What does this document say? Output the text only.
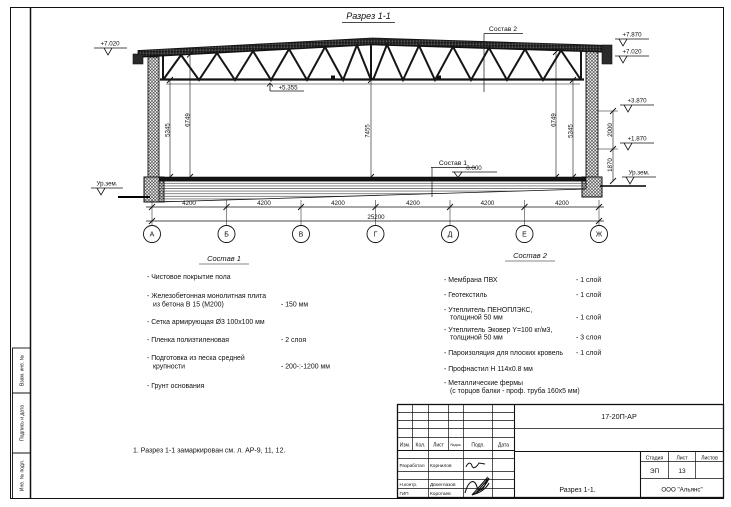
Взам. инв. №
Подпись и дата
Инв. № подл.
Разрез 1-1
Состав 2
Состав 1
+7.020
Ур.зем.
+5.355
0.000
+7.870
+7.020
+3.870
+1.870
Ур.зем.
5345
6749
7455
6749
5345	2000
1870
4200	4200	4200	4200	4200	4200
25200
А	Б	В	Г	Д	Е	Ж
Состав 1
- Чистовое покрытие пола
- Железобетонная монолитная плита
из бетона В 15 (М200)	- 150 мм
- Сетка армирующая Ø3 100х100 мм
- Пленка полиэтиленовая	- 2 слоя
- Подготовка из песка средней
крупности	- 200-:-1200 мм
- Грунт основания
Состав 2
- Мембрана ПВХ	- 1 слой
- Геотекстиль	- 1 слой
- Утеплитель ПЕНОПЛЭКС,
толщиной 50 мм	- 1 слой
- Утеплитель Эковер Y=100 кг/м3,
толщиной 50 мм	- 3 слоя
- Пароизоляция для плоских кровель - 1 слой
- Профнастил Н 114х0.8 мм
- Металлические фермы
(с торцов балки - проф. труба 160х5 мм)
1. Разрез 1-1 замаркирован см. л. АР-9, 11, 12.
17-20П-АР
Изм. Кол. Лист №док. Подп.	Дата
Разработал Корнилов
Н.контр.	Двоеглазов
ГИП	Коротаев
Стадия	Лист	Листов
ЭП	13
Разрез 1-1.	ООО "Альянс"
